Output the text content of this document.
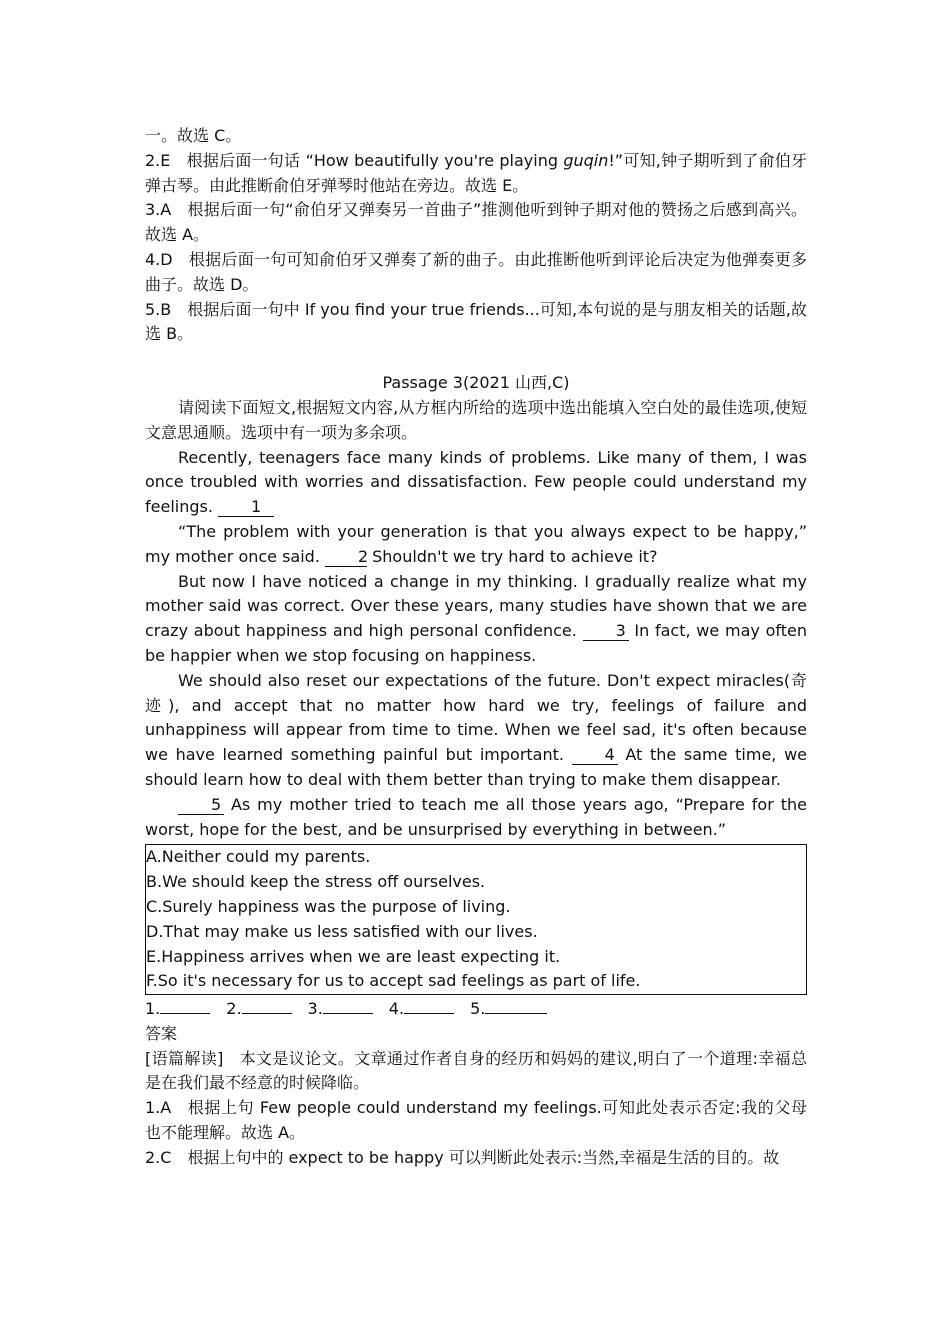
一。故选 C。

2.E 根据后面一句话 “How beautifully you're playing guqin!”可知,钟子期听到了俞伯牙弹古琴。由此推断俞伯牙弹琴时他站在旁边。故选 E。

3.A 根据后面一句“俞伯牙又弹奏另一首曲子”推测他听到钟子期对他的赞扬之后感到高兴。故选 A。

4.D 根据后面一句可知俞伯牙又弹奏了新的曲子。由此推断他听到评论后决定为他弹奏更多曲子。故选 D。

5.B 根据后面一句中 If you find your true friends...可知,本句说的是与朋友相关的话题,故选 B。

Passage 3(2021 山西,C)

请阅读下面短文,根据短文内容,从方框内所给的选项中选出能填入空白处的最佳选项,使短文意思通顺。选项中有一项为多余项。

Recently, teenagers face many kinds of problems. Like many of them, I was once troubled with worries and dissatisfaction. Few people could understand my feelings. 1

“The problem with your generation is that you always expect to be happy,” my mother once said. 2 Shouldn't we try hard to achieve it?

But now I have noticed a change in my thinking. I gradually realize what my mother said was correct. Over these years, many studies have shown that we are crazy about happiness and high personal confidence. 3 In fact, we may often be happier when we stop focusing on happiness.

We should also reset our expectations of the future. Don't expect miracles(奇迹), and accept that no matter how hard we try, feelings of failure and unhappiness will appear from time to time. When we feel sad, it's often because we have learned something painful but important. 4 At the same time, we should learn how to deal with them better than trying to make them disappear.

5 As my mother tried to teach me all those years ago, “Prepare for the worst, hope for the best, and be unsurprised by everything in between.”

A.Neither could my parents.

B.We should keep the stress off ourselves.

C.Surely happiness was the purpose of living.

D.That may make us less satisfied with our lives.

E.Happiness arrives when we are least expecting it.

F.So it's necessary for us to accept sad feelings as part of life.

1.	2.	3.	4.	5.

答案

[语篇解读] 本文是议论文。文章通过作者自身的经历和妈妈的建议,明白了一个道理:幸福总是在我们最不经意的时候降临。

1.A 根据上句 Few people could understand my feelings.可知此处表示否定:我的父母也不能理解。故选 A。

2.C 根据上句中的 expect to be happy 可以判断此处表示:当然,幸福是生活的目的。故
